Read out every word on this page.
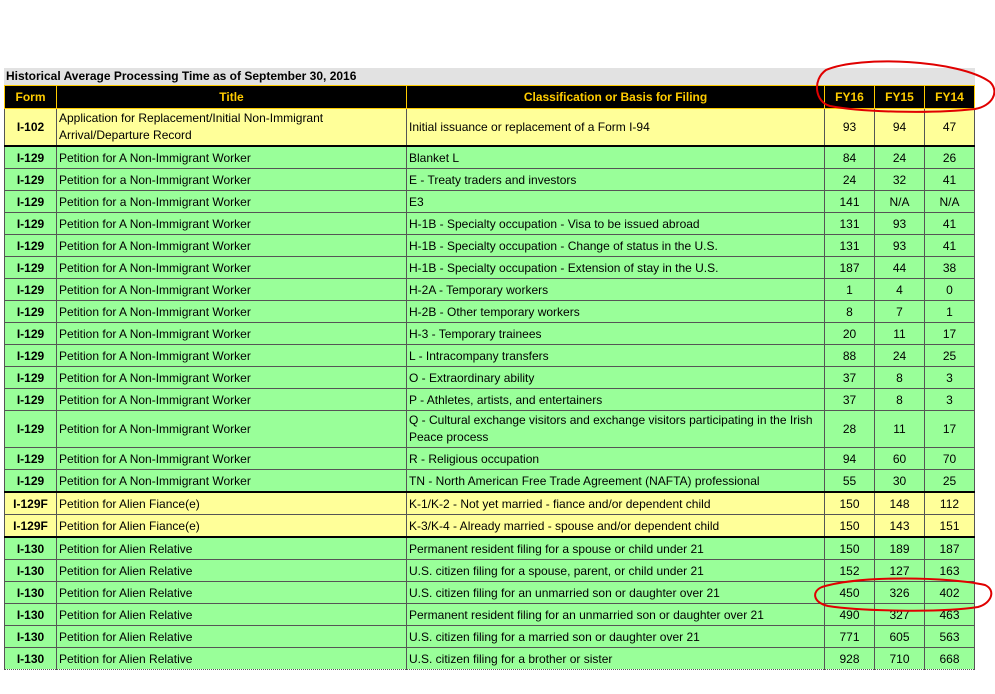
Historical Average Processing Time as of September 30, 2016
Form	Title	Classification or Basis for Filing	FY16	FY15	FY14
I-102	Application for Replacement/Initial Non-Immigrant Arrival/Departure Record	Initial issuance or replacement of a Form I-94	93	94	47
I-129	Petition for A Non-Immigrant Worker	Blanket L	84	24	26
I-129	Petition for a Non-Immigrant Worker	E - Treaty traders and investors	24	32	41
I-129	Petition for a Non-Immigrant Worker	E3	141	N/A	N/A
I-129	Petition for A Non-Immigrant Worker	H-1B - Specialty occupation - Visa to be issued abroad	131	93	41
I-129	Petition for A Non-Immigrant Worker	H-1B - Specialty occupation - Change of status in the U.S.	131	93	41
I-129	Petition for A Non-Immigrant Worker	H-1B - Specialty occupation - Extension of stay in the U.S.	187	44	38
I-129	Petition for A Non-Immigrant Worker	H-2A - Temporary workers	1	4	0
I-129	Petition for A Non-Immigrant Worker	H-2B - Other temporary workers	8	7	1
I-129	Petition for A Non-Immigrant Worker	H-3 - Temporary trainees	20	11	17
I-129	Petition for A Non-Immigrant Worker	L - Intracompany transfers	88	24	25
I-129	Petition for A Non-Immigrant Worker	O - Extraordinary ability	37	8	3
I-129	Petition for A Non-Immigrant Worker	P - Athletes, artists, and entertainers	37	8	3
I-129	Petition for A Non-Immigrant Worker	Q - Cultural exchange visitors and exchange visitors participating in the Irish Peace process	28	11	17
I-129	Petition for A Non-Immigrant Worker	R - Religious occupation	94	60	70
I-129	Petition for A Non-Immigrant Worker	TN - North American Free Trade Agreement (NAFTA) professional	55	30	25
I-129F	Petition for Alien Fiance(e)	K-1/K-2 - Not yet married - fiance and/or dependent child	150	148	112
I-129F	Petition for Alien Fiance(e)	K-3/K-4 - Already married - spouse and/or dependent child	150	143	151
I-130	Petition for Alien Relative	Permanent resident filing for a spouse or child under 21	150	189	187
I-130	Petition for Alien Relative	U.S. citizen filing for a spouse, parent, or child under 21	152	127	163
I-130	Petition for Alien Relative	U.S. citizen filing for an unmarried son or daughter over 21	450	326	402
I-130	Petition for Alien Relative	Permanent resident filing for an unmarried son or daughter over 21	490	327	463
I-130	Petition for Alien Relative	U.S. citizen filing for a married son or daughter over 21	771	605	563
I-130	Petition for Alien Relative	U.S. citizen filing for a brother or sister	928	710	668
